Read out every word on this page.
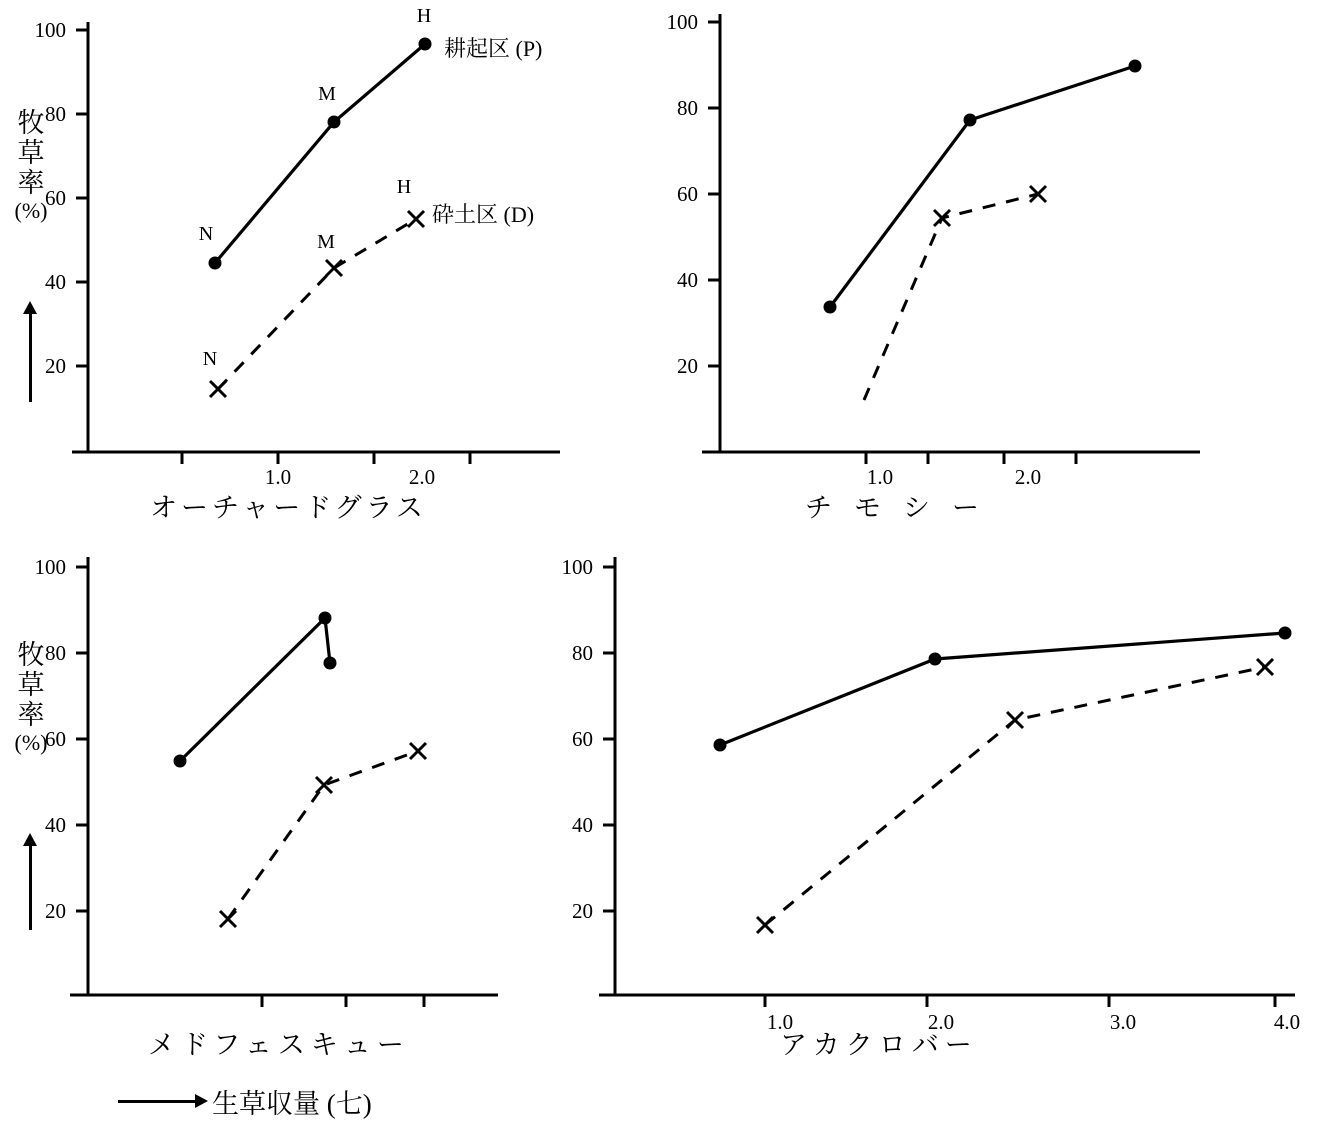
100
80
60
40
20
1.0	2.0
N
M
H
耕起区 (P)
N
M
H
砕土区 (D)
オーチャードグラス
牧
草
率
(%)
100
80
60
40
20
1.0	2.0
チモシー
100
80
60
40
20
メドフェスキュー
牧
草
率
(%)
生草収量 (七)
100
80
60
40
20
1.0	2.0	3.0	4.0
アカクロバー
